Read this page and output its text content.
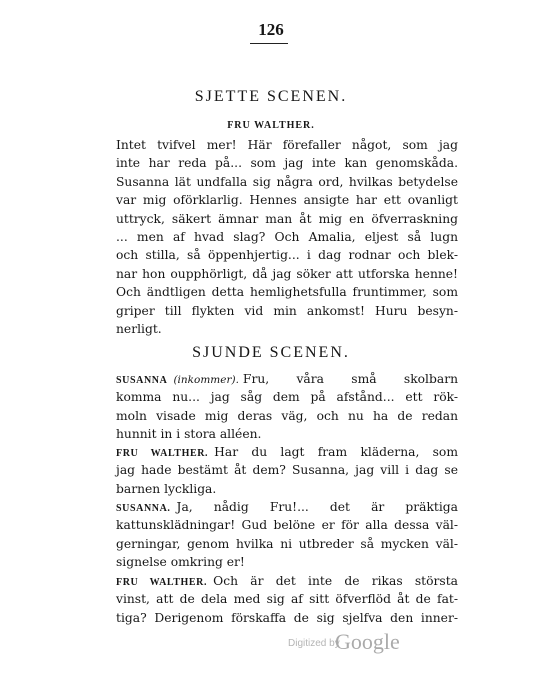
126
SJETTE SCENEN.
FRU WALTHER.
Intet tvifvel mer! Här förefaller något, som jag
inte har reda på... som jag inte kan genomskåda.
Susanna lät undfalla sig några ord, hvilkas betydelse
var mig oförklarlig. Hennes ansigte har ett ovanligt
uttryck, säkert ämnar man åt mig en öfverraskning
... men af hvad slag? Och Amalia, eljest så lugn
och stilla, så öppenhjertig... i dag rodnar och blek-
nar hon oupphörligt, då jag söker att utforska henne!
Och ändtligen detta hemlighetsfulla fruntimmer, som
griper till flykten vid min ankomst! Huru besyn-
nerligt.
SJUNDE SCENEN.
SUSANNA (inkommer). Fru, våra små skolbarn
komma nu... jag såg dem på afstånd... ett rök-
moln visade mig deras väg, och nu ha de redan
hunnit in i stora alléen.
FRU WALTHER. Har du lagt fram kläderna, som
jag hade bestämt åt dem? Susanna, jag vill i dag se
barnen lyckliga.
SUSANNA. Ja, nådig Fru!... det är präktiga
kattunsklädningar! Gud belöne er för alla dessa väl-
gerningar, genom hvilka ni utbreder så mycken väl-
signelse omkring er!
FRU WALTHER. Och är det inte de rikas största
vinst, att de dela med sig af sitt öfverflöd åt de fat-
tiga? Derigenom förskaffa de sig sjelfva den inner-
Digitized by
Google
